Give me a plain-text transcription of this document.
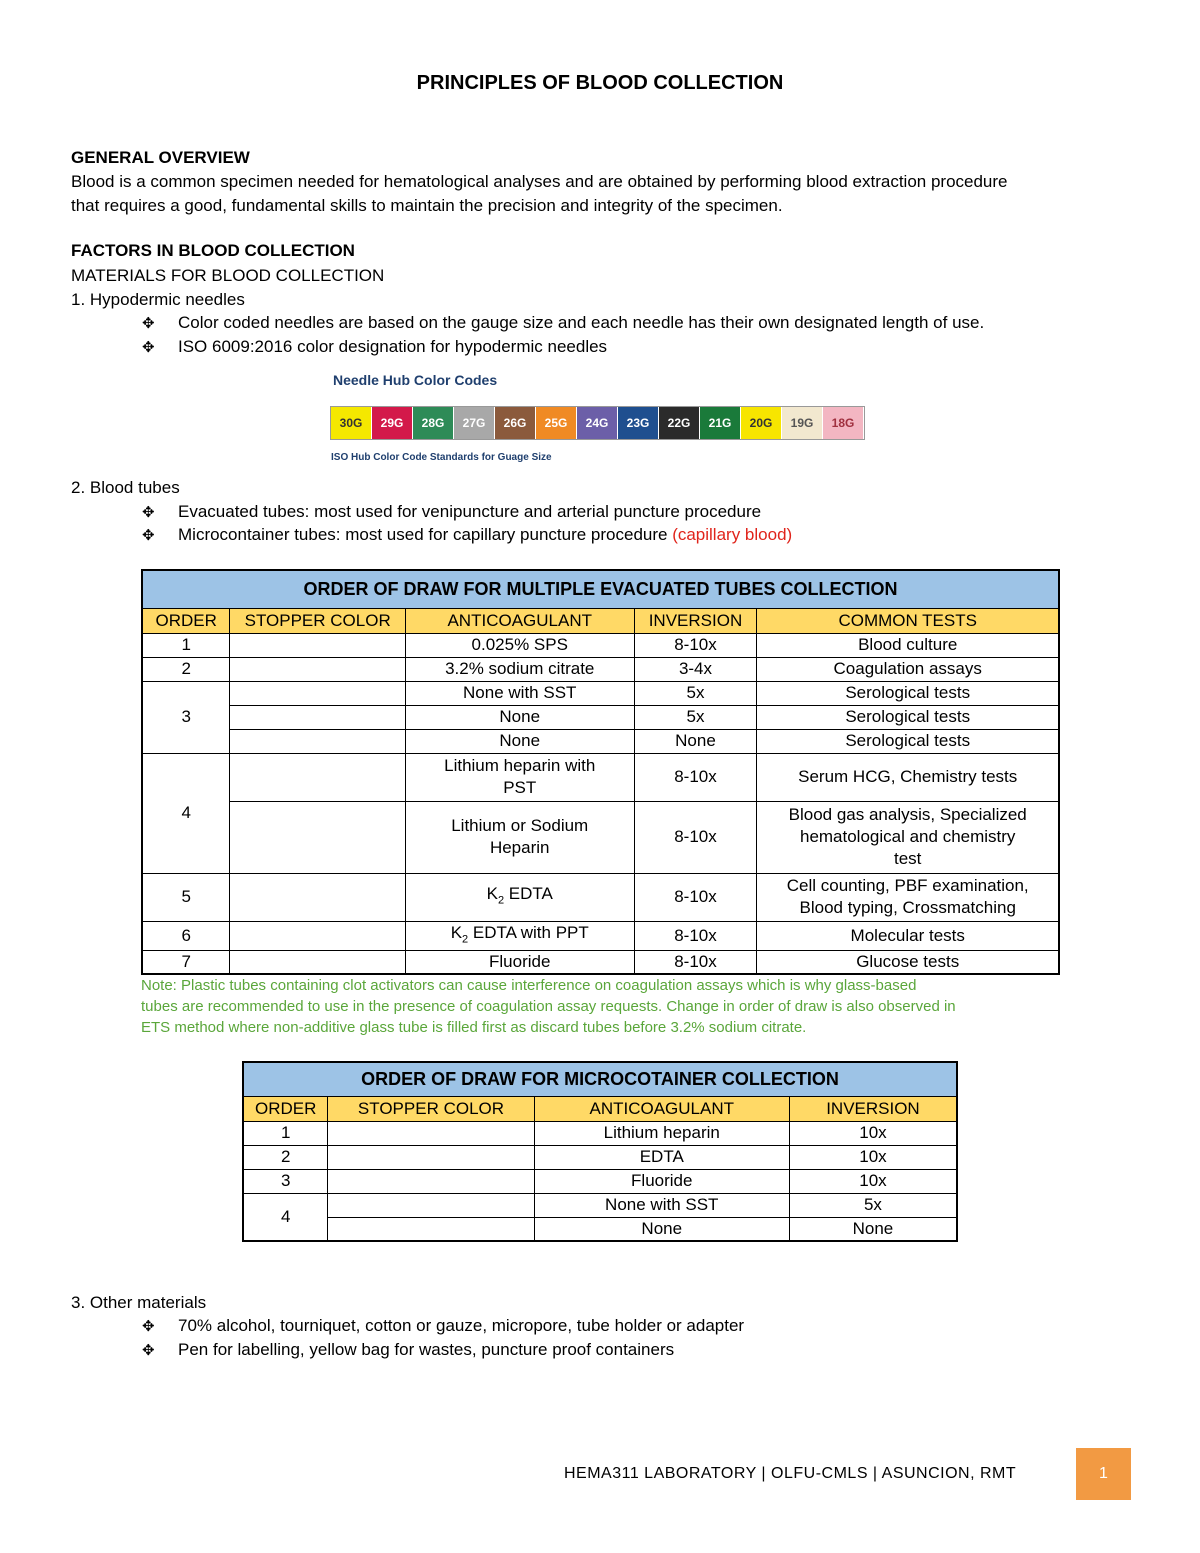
PRINCIPLES OF BLOOD COLLECTION
GENERAL OVERVIEW
Blood is a common specimen needed for hematological analyses and are obtained by performing blood extraction procedure
that requires a good, fundamental skills to maintain the precision and integrity of the specimen.
FACTORS IN BLOOD COLLECTION
MATERIALS FOR BLOOD COLLECTION
1. Hypodermic needles
✥ Color coded needles are based on the gauge size and each needle has their own designated length of use.
✥ ISO 6009:2016 color designation for hypodermic needles
Needle Hub Color Codes
30G	29G	28G	27G	26G	25G	24G	23G	22G	21G	20G	19G	18G
ISO Hub Color Code Standards for Guage Size
2. Blood tubes
✥ Evacuated tubes: most used for venipuncture and arterial puncture procedure
✥ Microcontainer tubes: most used for capillary puncture procedure (capillary blood)
ORDER OF DRAW FOR MULTIPLE EVACUATED TUBES COLLECTION				
ORDER	STOPPER COLOR	ANTICOAGULANT	INVERSION	COMMON TESTS
1		0.025% SPS	8-10x	Blood culture
2		3.2% sodium citrate	3-4x	Coagulation assays
3		None with SST	5x	Serological tests
		None	5x	Serological tests
		None	None	Serological tests
4		Lithium heparin with
PST	8-10x	Serum HCG, Chemistry tests
		Lithium or Sodium
Heparin	8-10x	Blood gas analysis, Specialized
hematological and chemistry
test
5		$K_2$ EDTA	8-10x	Cell counting, PBF examination,
Blood typing, Crossmatching
6		$K_2$ EDTA with PPT	8-10x	Molecular tests
7		Fluoride	8-10x	Glucose tests
Note: Plastic tubes containing clot activators can cause interference on coagulation assays which is why glass-based
tubes are recommended to use in the presence of coagulation assay requests. Change in order of draw is also observed in
ETS method where non-additive glass tube is filled first as discard tubes before 3.2% sodium citrate.
ORDER OF DRAW FOR MICROCOTAINER COLLECTION			
ORDER	STOPPER COLOR	ANTICOAGULANT	INVERSION
1		Lithium heparin	10x
2		EDTA	10x
3		Fluoride	10x
4		None with SST	5x
		None	None
3. Other materials
✥ 70% alcohol, tourniquet, cotton or gauze, micropore, tube holder or adapter
✥ Pen for labelling, yellow bag for wastes, puncture proof containers
HEMA311 LABORATORY | OLFU-CMLS | ASUNCION, RMT	1
